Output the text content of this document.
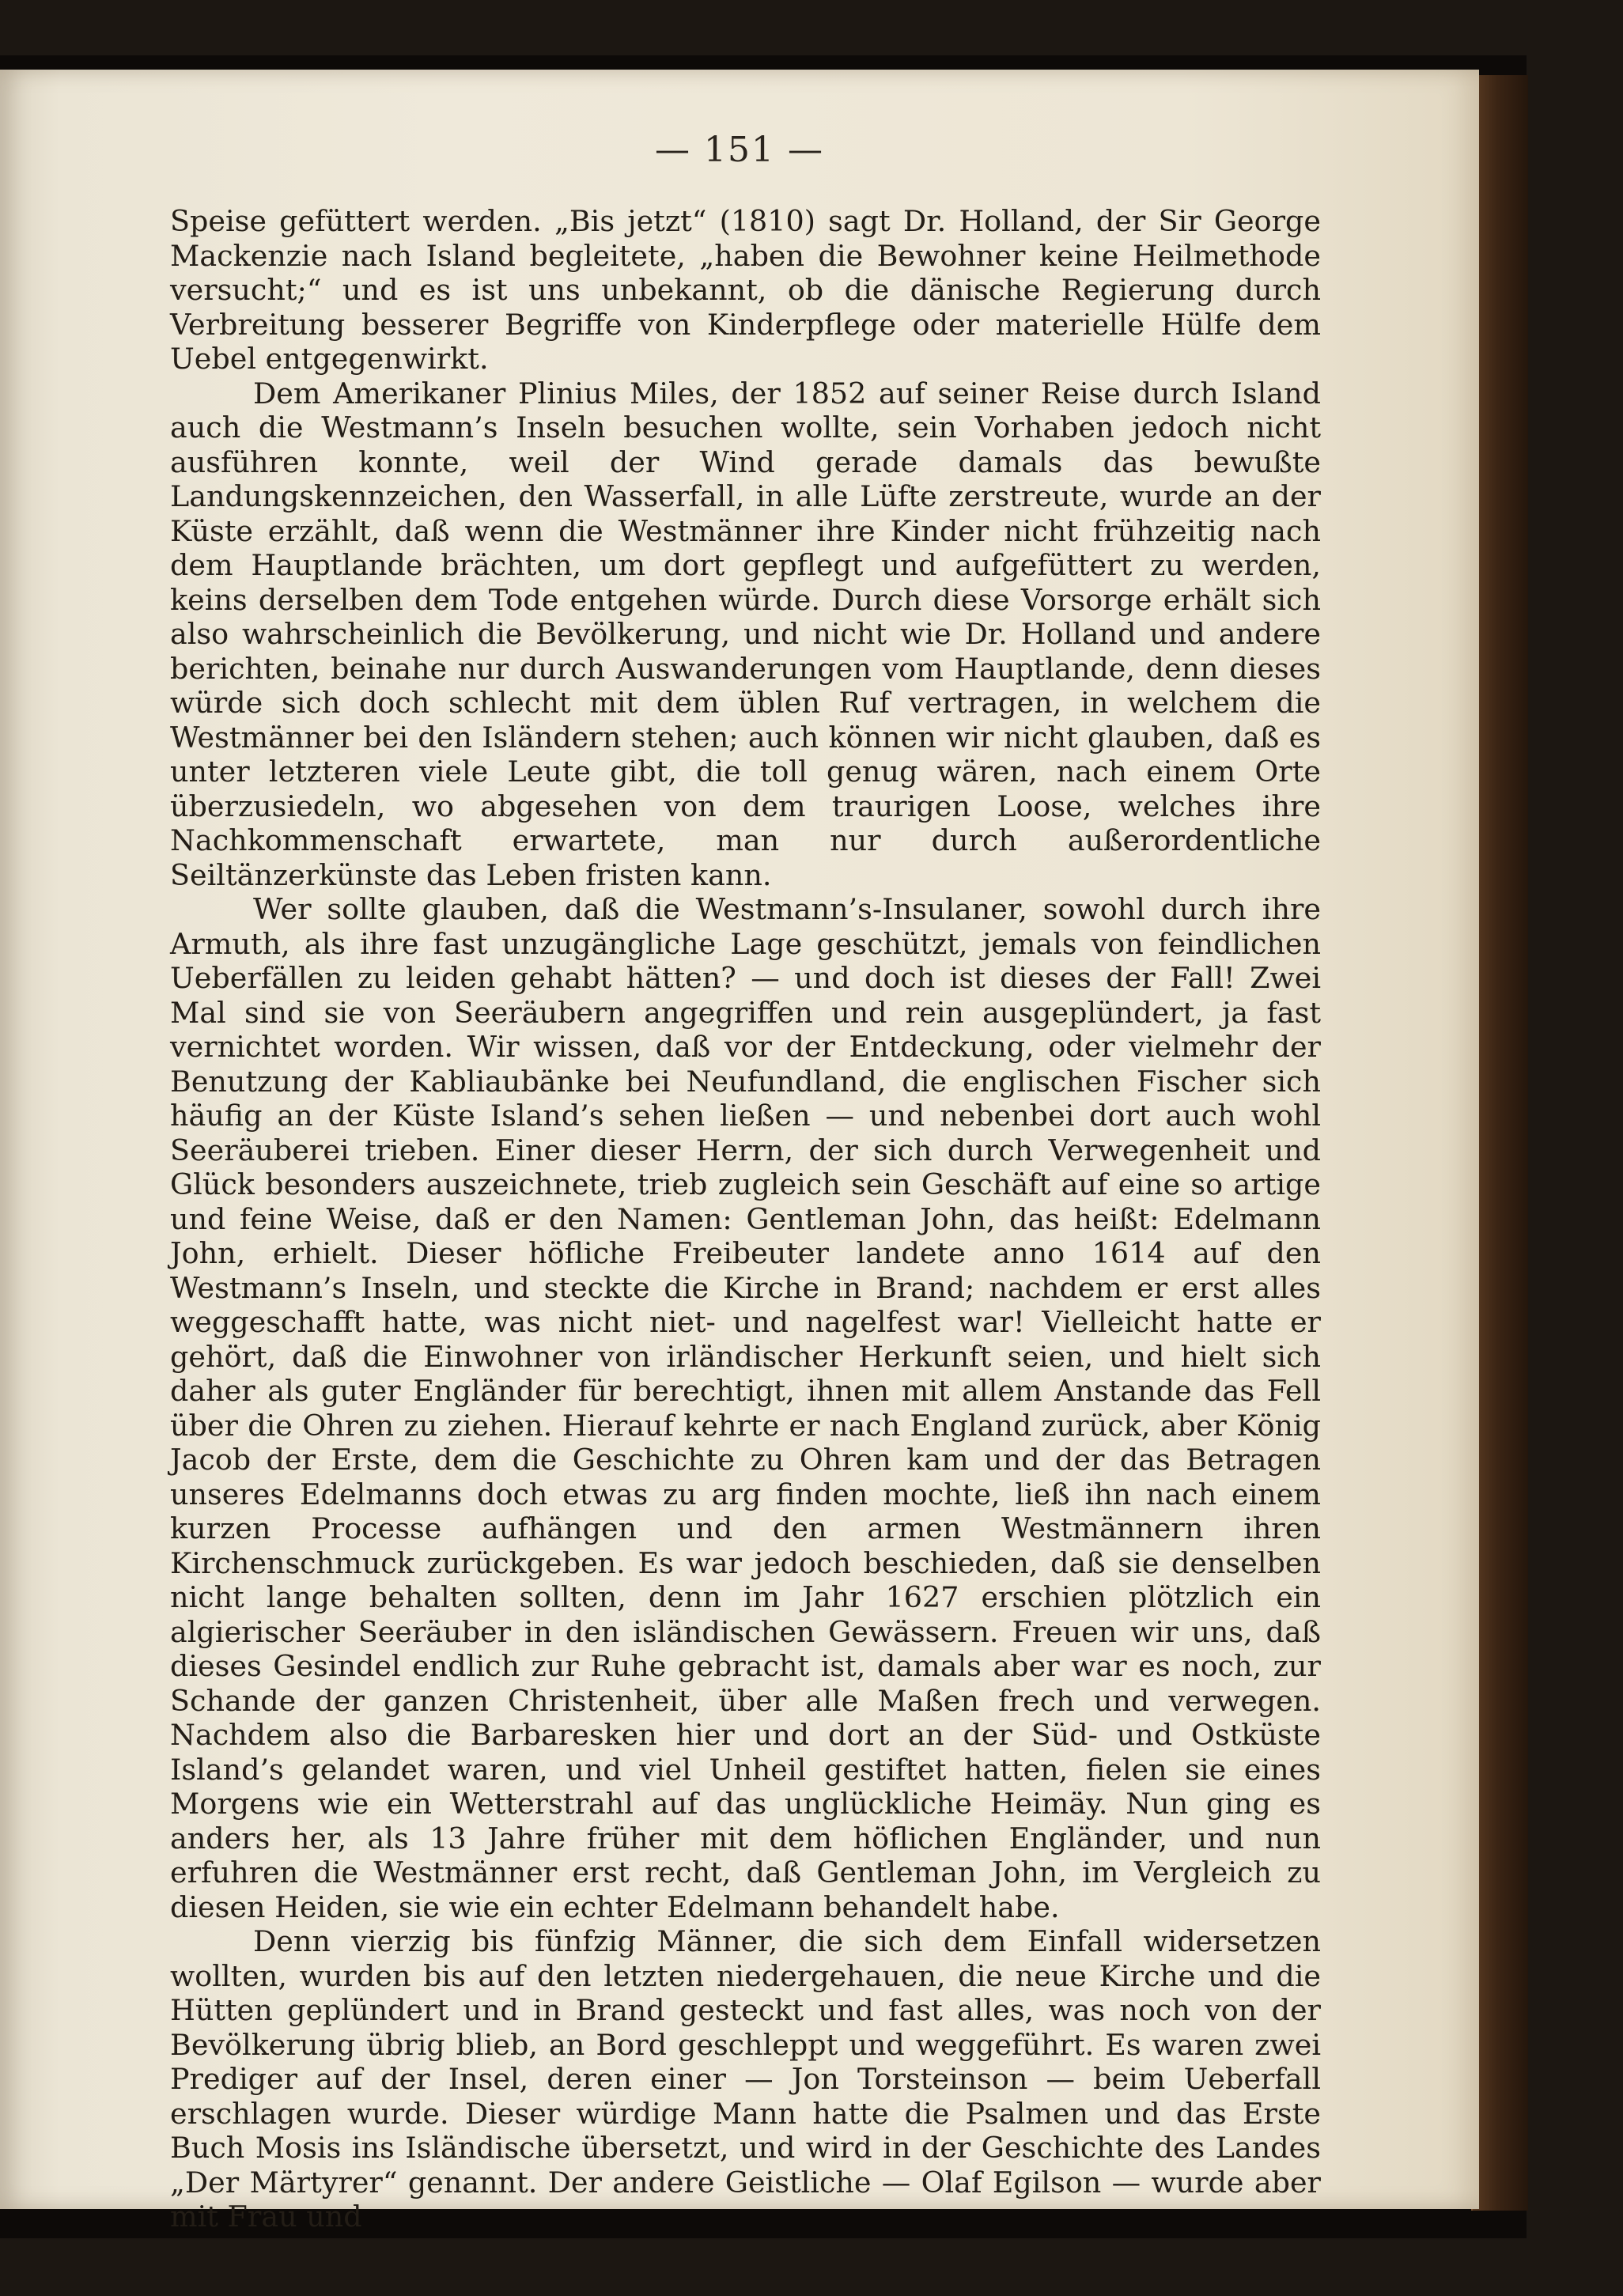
— 151 —

Speise gefüttert werden. „Bis jetzt“ (1810) sagt Dr. Holland, der Sir George Mackenzie nach Island begleitete, „haben die Bewohner keine Heilmethode versucht;“ und es ist uns unbekannt, ob die dänische Regierung durch Verbreitung besserer Begriffe von Kinderpflege oder materielle Hülfe dem Uebel entgegenwirkt.

Dem Amerikaner Plinius Miles, der 1852 auf seiner Reise durch Island auch die Westmann’s Inseln besuchen wollte, sein Vorhaben jedoch nicht ausführen konnte, weil der Wind gerade damals das bewußte Landungskennzeichen, den Wasserfall, in alle Lüfte zerstreute, wurde an der Küste erzählt, daß wenn die Westmänner ihre Kinder nicht frühzeitig nach dem Hauptlande brächten, um dort gepflegt und aufgefüttert zu werden, keins derselben dem Tode entgehen würde. Durch diese Vorsorge erhält sich also wahrscheinlich die Bevölkerung, und nicht wie Dr. Holland und andere berichten, beinahe nur durch Auswanderungen vom Hauptlande, denn dieses würde sich doch schlecht mit dem üblen Ruf vertragen, in welchem die Westmänner bei den Isländern stehen; auch können wir nicht glauben, daß es unter letzteren viele Leute gibt, die toll genug wären, nach einem Orte überzusiedeln, wo abgesehen von dem traurigen Loose, welches ihre Nachkommenschaft erwartete, man nur durch außerordentliche Seiltänzerkünste das Leben fristen kann.

Wer sollte glauben, daß die Westmann’s-Insulaner, sowohl durch ihre Armuth, als ihre fast unzugängliche Lage geschützt, jemals von feindlichen Ueberfällen zu leiden gehabt hätten? — und doch ist dieses der Fall! Zwei Mal sind sie von Seeräubern angegriffen und rein ausgeplündert, ja fast vernichtet worden. Wir wissen, daß vor der Entdeckung, oder vielmehr der Benutzung der Kabliaubänke bei Neufundland, die englischen Fischer sich häufig an der Küste Island’s sehen ließen — und nebenbei dort auch wohl Seeräuberei trieben. Einer dieser Herrn, der sich durch Verwegenheit und Glück besonders auszeichnete, trieb zugleich sein Geschäft auf eine so artige und feine Weise, daß er den Namen: Gentleman John, das heißt: Edelmann John, erhielt. Dieser höfliche Freibeuter landete anno 1614 auf den Westmann’s Inseln, und steckte die Kirche in Brand; nachdem er erst alles weggeschafft hatte, was nicht niet- und nagelfest war! Vielleicht hatte er gehört, daß die Einwohner von irländischer Herkunft seien, und hielt sich daher als guter Engländer für berechtigt, ihnen mit allem Anstande das Fell über die Ohren zu ziehen. Hierauf kehrte er nach England zurück, aber König Jacob der Erste, dem die Geschichte zu Ohren kam und der das Betragen unseres Edelmanns doch etwas zu arg finden mochte, ließ ihn nach einem kurzen Processe aufhängen und den armen Westmännern ihren Kirchenschmuck zurückgeben. Es war jedoch beschieden, daß sie denselben nicht lange behalten sollten, denn im Jahr 1627 erschien plötzlich ein algierischer Seeräuber in den isländischen Gewässern. Freuen wir uns, daß dieses Gesindel endlich zur Ruhe gebracht ist, damals aber war es noch, zur Schande der ganzen Christenheit, über alle Maßen frech und verwegen. Nachdem also die Barbaresken hier und dort an der Süd- und Ostküste Island’s gelandet waren, und viel Unheil gestiftet hatten, fielen sie eines Morgens wie ein Wetterstrahl auf das unglückliche Heimäy. Nun ging es anders her, als 13 Jahre früher mit dem höflichen Engländer, und nun erfuhren die Westmänner erst recht, daß Gentleman John, im Vergleich zu diesen Heiden, sie wie ein echter Edelmann behandelt habe.

Denn vierzig bis fünfzig Männer, die sich dem Einfall widersetzen wollten, wurden bis auf den letzten niedergehauen, die neue Kirche und die Hütten geplündert und in Brand gesteckt und fast alles, was noch von der Bevölkerung übrig blieb, an Bord geschleppt und weggeführt. Es waren zwei Prediger auf der Insel, deren einer — Jon Torsteinson — beim Ueberfall erschlagen wurde. Dieser würdige Mann hatte die Psalmen und das Erste Buch Mosis ins Isländische übersetzt, und wird in der Geschichte des Landes „Der Märtyrer“ genannt. Der andere Geistliche — Olaf Egilson — wurde aber mit Frau und
